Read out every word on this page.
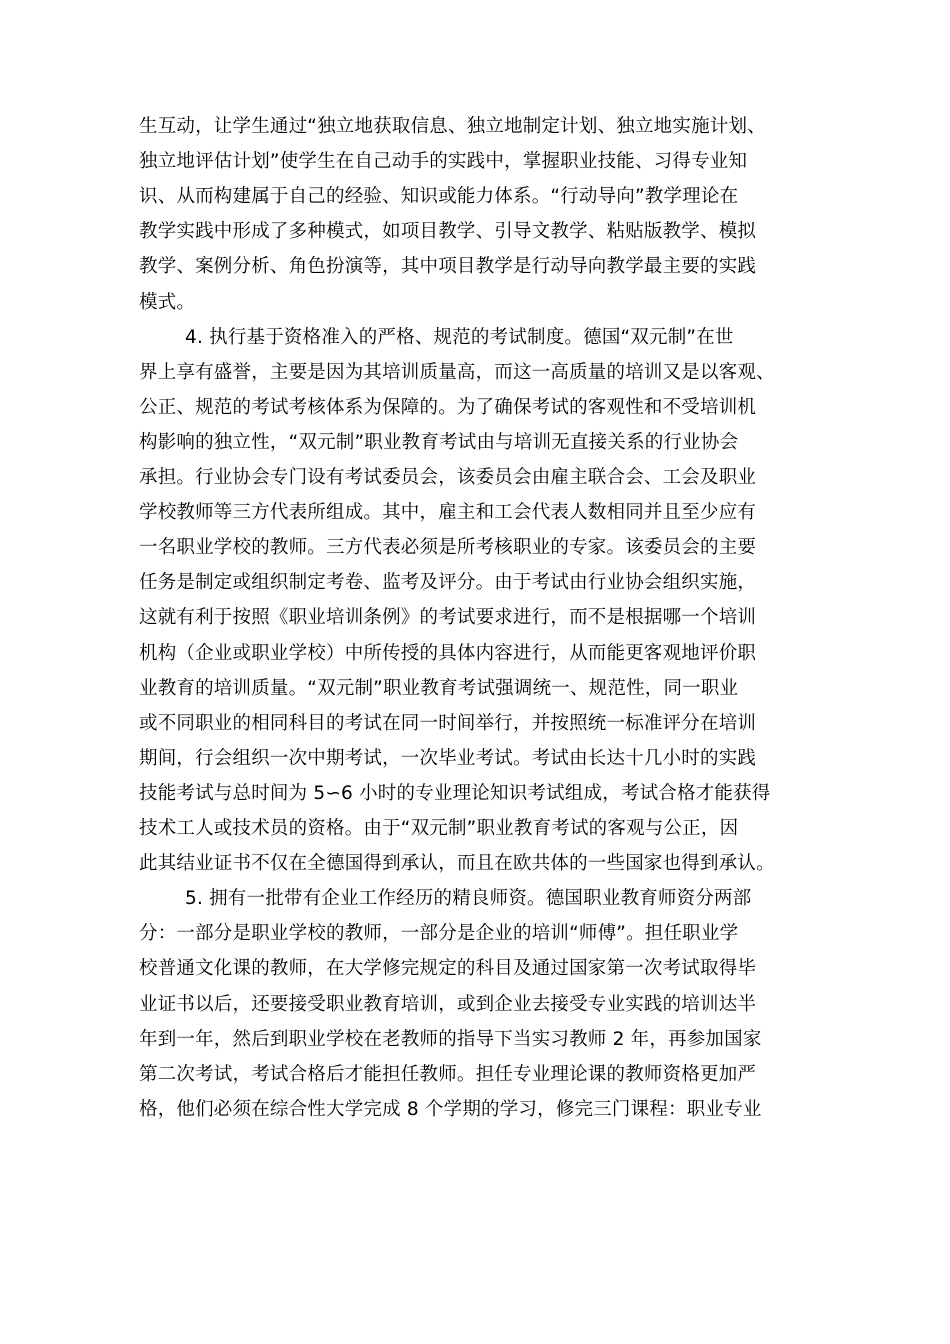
生互动，让学生通过“独立地获取信息、独立地制定计划、独立地实施计划、
独立地评估计划”使学生在自己动手的实践中，掌握职业技能、习得专业知
识、从而构建属于自己的经验、知识或能力体系。“行动导向”教学理论在
教学实践中形成了多种模式，如项目教学、引导文教学、粘贴版教学、模拟
教学、案例分析、角色扮演等，其中项目教学是行动导向教学最主要的实践
模式。
4. 执行基于资格准入的严格、规范的考试制度。德国“双元制”在世
界上享有盛誉，主要是因为其培训质量高，而这一高质量的培训又是以客观、
公正、规范的考试考核体系为保障的。为了确保考试的客观性和不受培训机
构影响的独立性，“双元制”职业教育考试由与培训无直接关系的行业协会
承担。行业协会专门设有考试委员会，该委员会由雇主联合会、工会及职业
学校教师等三方代表所组成。其中，雇主和工会代表人数相同并且至少应有
一名职业学校的教师。三方代表必须是所考核职业的专家。该委员会的主要
任务是制定或组织制定考卷、监考及评分。由于考试由行业协会组织实施，
这就有利于按照《职业培训条例》的考试要求进行，而不是根据哪一个培训
机构（企业或职业学校）中所传授的具体内容进行，从而能更客观地评价职
业教育的培训质量。“双元制”职业教育考试强调统一、规范性，同一职业
或不同职业的相同科目的考试在同一时间举行，并按照统一标准评分在培训
期间，行会组织一次中期考试，一次毕业考试。考试由长达十几小时的实践
技能考试与总时间为 5∽6 小时的专业理论知识考试组成，考试合格才能获得
技术工人或技术员的资格。由于“双元制”职业教育考试的客观与公正，因
此其结业证书不仅在全德国得到承认，而且在欧共体的一些国家也得到承认。
5. 拥有一批带有企业工作经历的精良师资。德国职业教育师资分两部
分：一部分是职业学校的教师，一部分是企业的培训“师傅”。担任职业学
校普通文化课的教师，在大学修完规定的科目及通过国家第一次考试取得毕
业证书以后，还要接受职业教育培训，或到企业去接受专业实践的培训达半
年到一年，然后到职业学校在老教师的指导下当实习教师 2 年，再参加国家
第二次考试，考试合格后才能担任教师。担任专业理论课的教师资格更加严
格，他们必须在综合性大学完成 8 个学期的学习，修完三门课程：职业专业
